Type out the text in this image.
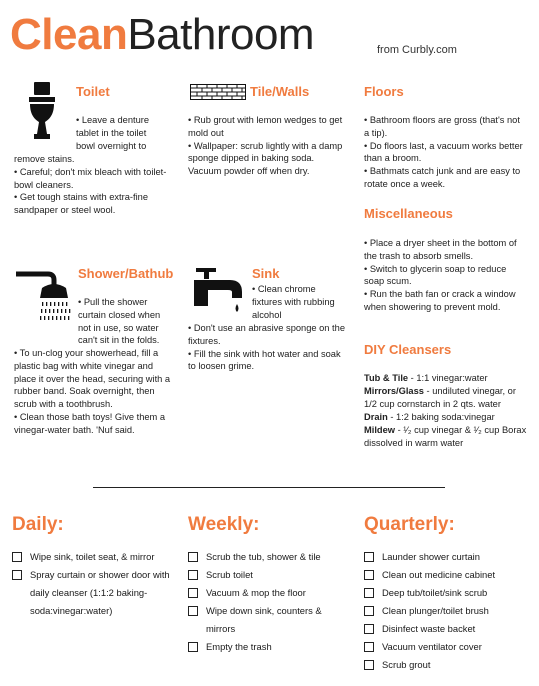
CleanBathroom	from Curbly.com
Toilet
• Leave a denture
tablet in the toilet
bowl overnight to
remove stains.
• Careful; don't mix bleach with toilet-bowl cleaners.
• Get tough stains with extra-fine sandpaper or steel wool.
Tile/Walls
• Rub grout with lemon wedges to get mold out
• Wallpaper: scrub lightly with a damp sponge dipped in baking soda. Vacuum powder off when dry.
Floors
• Bathroom floors are gross (that's not a tip).
• Do floors last, a vacuum works better than a broom.
• Bathmats catch junk and are easy to rotate once a week.
Miscellaneous
• Place a dryer sheet in the bottom of the trash to absorb smells.
• Switch to glycerin soap to reduce soap scum.
• Run the bath fan or crack a window when showering to prevent mold.
Shower/Bathub
• Pull the shower curtain closed when not in use, so water can't sit in the folds.
• To un-clog your showerhead, fill a plastic bag with white vinegar and place it over the head, securing with a rubber band. Soak overnight, then scrub with a toothbrush.
• Clean those bath toys! Give them a vinegar-water bath. 'Nuf said.
Sink
• Clean chrome fixtures with rubbing alcohol
• Don't use an abrasive sponge on the fixtures.
• Fill the sink with hot water and soak to loosen grime.
DIY Cleansers
Tub & Tile - 1:1 vinegar:water
Mirrors/Glass - undiluted vinegar, or 1/2 cup cornstarch in 2 qts. water
Drain - 1:2 baking soda:vinegar
Mildew - ¹⁄₂ cup vinegar & ¹⁄₂ cup Borax dissolved in warm water
Daily:
Wipe sink, toilet seat, & mirror
Spray curtain or shower door with daily cleanser (1:1:2 baking-soda:vinegar:water)
Weekly:
Scrub the tub, shower & tile
Scrub toilet
Vacuum & mop the floor
Wipe down sink, counters & mirrors
Empty the trash
Quarterly:
Launder shower curtain
Clean out medicine cabinet
Deep tub/toilet/sink scrub
Clean plunger/toilet brush
Disinfect waste backet
Vacuum ventilator cover
Scrub grout
